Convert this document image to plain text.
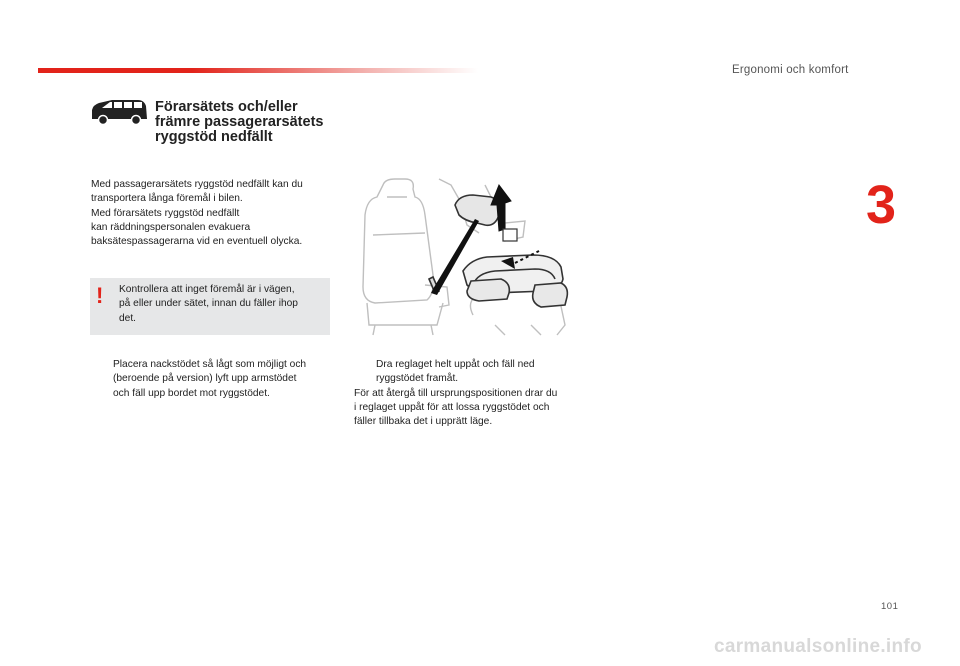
Ergonomi och komfort
3
Förarsätets och/eller
främre passagerarsätets
ryggstöd nedfällt
Med passagerarsätets ryggstöd nedfällt kan du
transportera långa föremål i bilen.
Med förarsätets ryggstöd nedfällt
kan räddningspersonalen evakuera
baksätespassagerarna vid en eventuell olycka.
! Kontrollera att inget föremål är i vägen,
på eller under sätet, innan du fäller ihop
det.
Placera nackstödet så lågt som möjligt och
(beroende på version) lyft upp armstödet
och fäll upp bordet mot ryggstödet.
Dra reglaget helt uppåt och fäll ned
ryggstödet framåt.
För att återgå till ursprungspositionen drar du
i reglaget uppåt för att lossa ryggstödet och
fäller tillbaka det i upprätt läge.
101
carmanualsonline.info
